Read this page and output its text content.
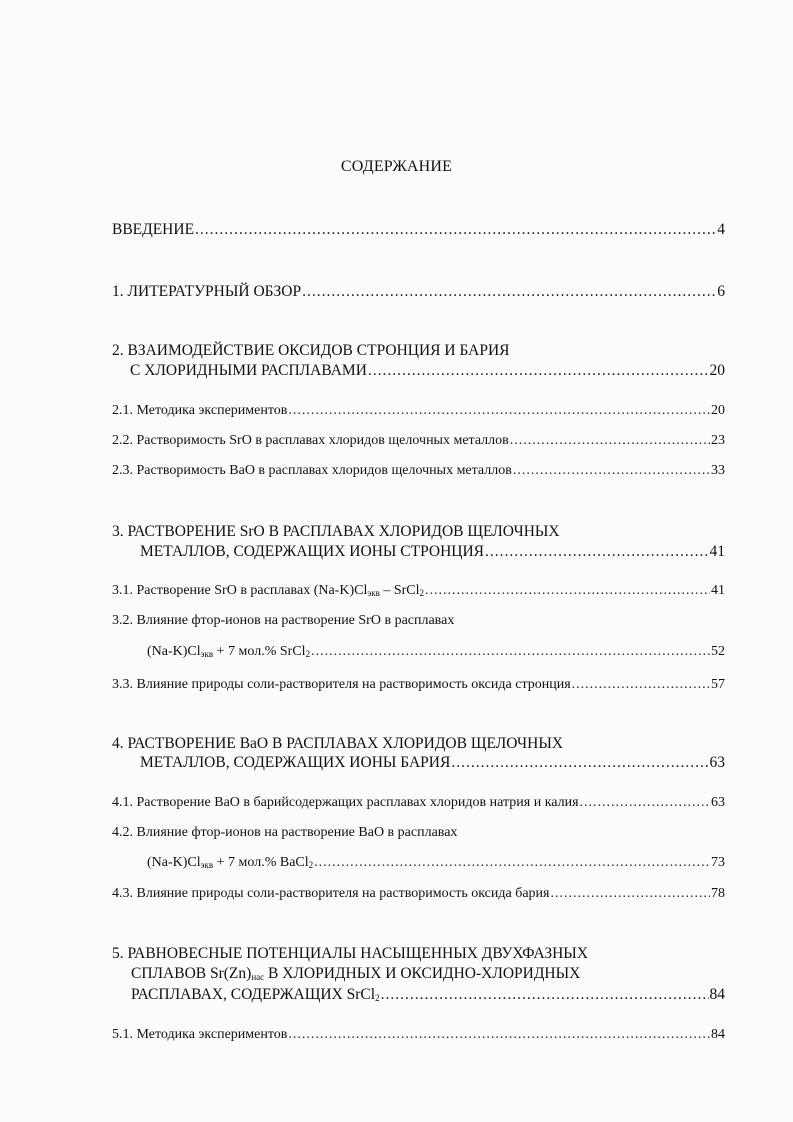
СОДЕРЖАНИЕ
ВВЕДЕНИЕ .....	4
1. ЛИТЕРАТУРНЫЙ ОБЗОР .....	6
2. ВЗАИМОДЕЙСТВИЕ ОКСИДОВ СТРОНЦИЯ И БАРИЯ
С ХЛОРИДНЫМИ РАСПЛАВАМИ .....	20
2.1. Методика экспериментов .....	20
2.2. Растворимость SrO в расплавах хлоридов щелочных металлов .....	23
2.3. Растворимость BaO в расплавах хлоридов щелочных металлов .....	33
3. РАСТВОРЕНИЕ SrO В РАСПЛАВАХ ХЛОРИДОВ ЩЕЛОЧНЫХ
МЕТАЛЛОВ, СОДЕРЖАЩИХ ИОНЫ СТРОНЦИЯ .....	41
3.1. Растворение SrO в расплавах $(Na-K)Cl_{экв}$ – SrCl$_2$ .....	41
3.2. Влияние фтор-ионов на растворение SrO в расплавах
$(Na-K)Cl_{экв} + 7$ мол.% SrCl$_2$ .....	52
3.3. Влияние природы соли-растворителя на растворимость оксида стронция .....	57
4. РАСТВОРЕНИЕ BaO В РАСПЛАВАХ ХЛОРИДОВ ЩЕЛОЧНЫХ
МЕТАЛЛОВ, СОДЕРЖАЩИХ ИОНЫ БАРИЯ .....	63
4.1. Растворение BaO в барийсодержащих расплавах хлоридов натрия и калия .....	63
4.2. Влияние фтор-ионов на растворение BaO в расплавах
$(Na-K)Cl_{экв} + 7$ мол.% BaCl$_2$ .....	73
4.3. Влияние природы соли-растворителя на растворимость оксида бария .....	78
5. РАВНОВЕСНЫЕ ПОТЕНЦИАЛЫ НАСЫЩЕННЫХ ДВУХФАЗНЫХ
СПЛАВОВ $Sr(Zn)_{нас}$ В ХЛОРИДНЫХ И ОКСИДНО-ХЛОРИДНЫХ
РАСПЛАВАХ, СОДЕРЖАЩИХ SrCl$_2$ .....	84
5.1. Методика экспериментов .....	84
